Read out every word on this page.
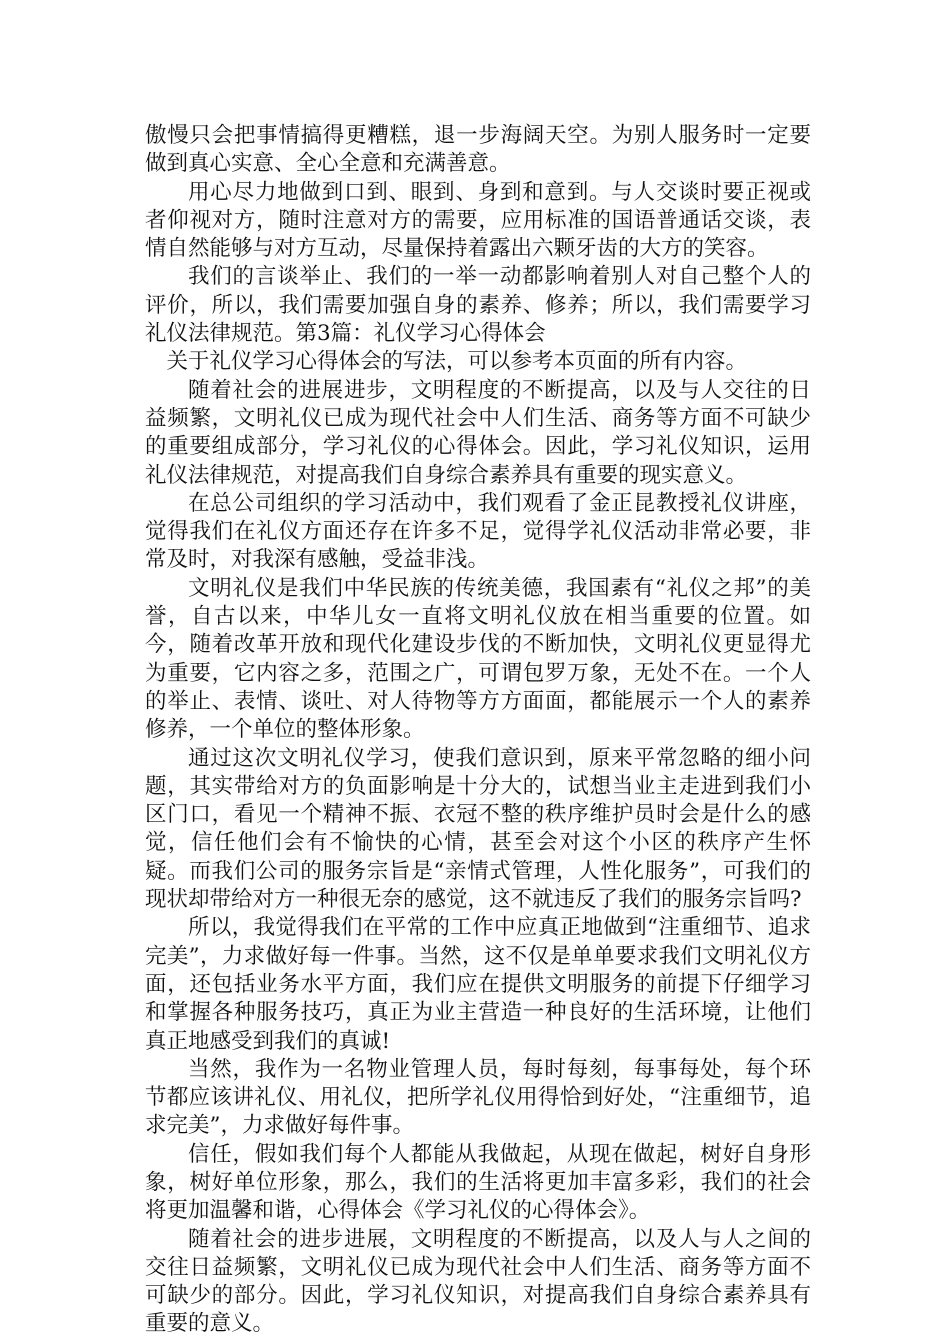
傲慢只会把事情搞得更糟糕，退一步海阔天空。为别人服务时一定要做到真心实意、全心全意和充满善意。

用心尽力地做到口到、眼到、身到和意到。与人交谈时要正视或者仰视对方，随时注意对方的需要，应用标准的国语普通话交谈，表情自然能够与对方互动，尽量保持着露出六颗牙齿的大方的笑容。

我们的言谈举止、我们的一举一动都影响着别人对自己整个人的评价，所以，我们需要加强自身的素养、修养；所以，我们需要学习礼仪法律规范。第3篇：礼仪学习心得体会

关于礼仪学习心得体会的写法，可以参考本页面的所有内容。

随着社会的进展进步，文明程度的不断提高，以及与人交往的日益频繁，文明礼仪已成为现代社会中人们生活、商务等方面不可缺少的重要组成部分，学习礼仪的心得体会。因此，学习礼仪知识，运用礼仪法律规范，对提高我们自身综合素养具有重要的现实意义。

在总公司组织的学习活动中，我们观看了金正昆教授礼仪讲座，觉得我们在礼仪方面还存在许多不足，觉得学礼仪活动非常必要，非常及时，对我深有感触，受益非浅。

文明礼仪是我们中华民族的传统美德，我国素有“礼仪之邦”的美誉，自古以来，中华儿女一直将文明礼仪放在相当重要的位置。如今，随着改革开放和现代化建设步伐的不断加快，文明礼仪更显得尤为重要，它内容之多，范围之广，可谓包罗万象，无处不在。一个人的举止、表情、谈吐、对人待物等方方面面，都能展示一个人的素养修养，一个单位的整体形象。

通过这次文明礼仪学习，使我们意识到，原来平常忽略的细小问题，其实带给对方的负面影响是十分大的，试想当业主走进到我们小区门口，看见一个精神不振、衣冠不整的秩序维护员时会是什么的感觉，信任他们会有不愉快的心情，甚至会对这个小区的秩序产生怀疑。而我们公司的服务宗旨是“亲情式管理，人性化服务”，可我们的现状却带给对方一种很无奈的感觉，这不就违反了我们的服务宗旨吗?

所以，我觉得我们在平常的工作中应真正地做到“注重细节、追求完美”，力求做好每一件事。当然，这不仅是单单要求我们文明礼仪方面，还包括业务水平方面，我们应在提供文明服务的前提下仔细学习和掌握各种服务技巧，真正为业主营造一种良好的生活环境，让他们真正地感受到我们的真诚!

当然，我作为一名物业管理人员，每时每刻，每事每处，每个环节都应该讲礼仪、用礼仪，把所学礼仪用得恰到好处，“注重细节，追求完美”，力求做好每件事。

信任，假如我们每个人都能从我做起，从现在做起，树好自身形象，树好单位形象，那么，我们的生活将更加丰富多彩，我们的社会将更加温馨和谐，心得体会《学习礼仪的心得体会》。

随着社会的进步进展，文明程度的不断提高，以及人与人之间的交往日益频繁，文明礼仪已成为现代社会中人们生活、商务等方面不可缺少的部分。因此，学习礼仪知识，对提高我们自身综合素养具有重要的意义。
